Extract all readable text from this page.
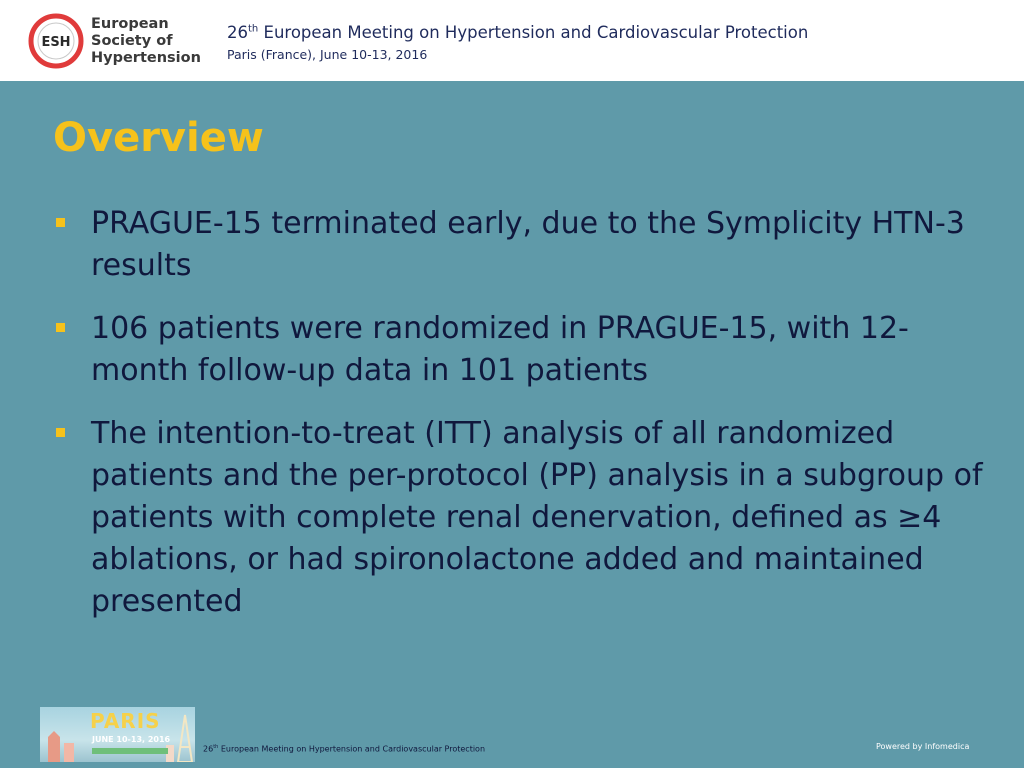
ESH
European
Society of
Hypertension
26th European Meeting on Hypertension and Cardiovascular Protection
Paris (France), June 10-13, 2016
Overview
PRAGUE-15 terminated early, due to the Symplicity HTN-3 results
106 patients were randomized in PRAGUE-15, with 12-month follow-up data in 101 patients
The intention-to-treat (ITT) analysis of all randomized patients and the per-protocol (PP) analysis in a subgroup of patients with complete renal denervation, defined as ≥4 ablations, or had spironolactone added and maintained presented
PARIS
JUNE 10-13, 2016
26th European Meeting on Hypertension and Cardiovascular Protection	Powered by Infomedica
